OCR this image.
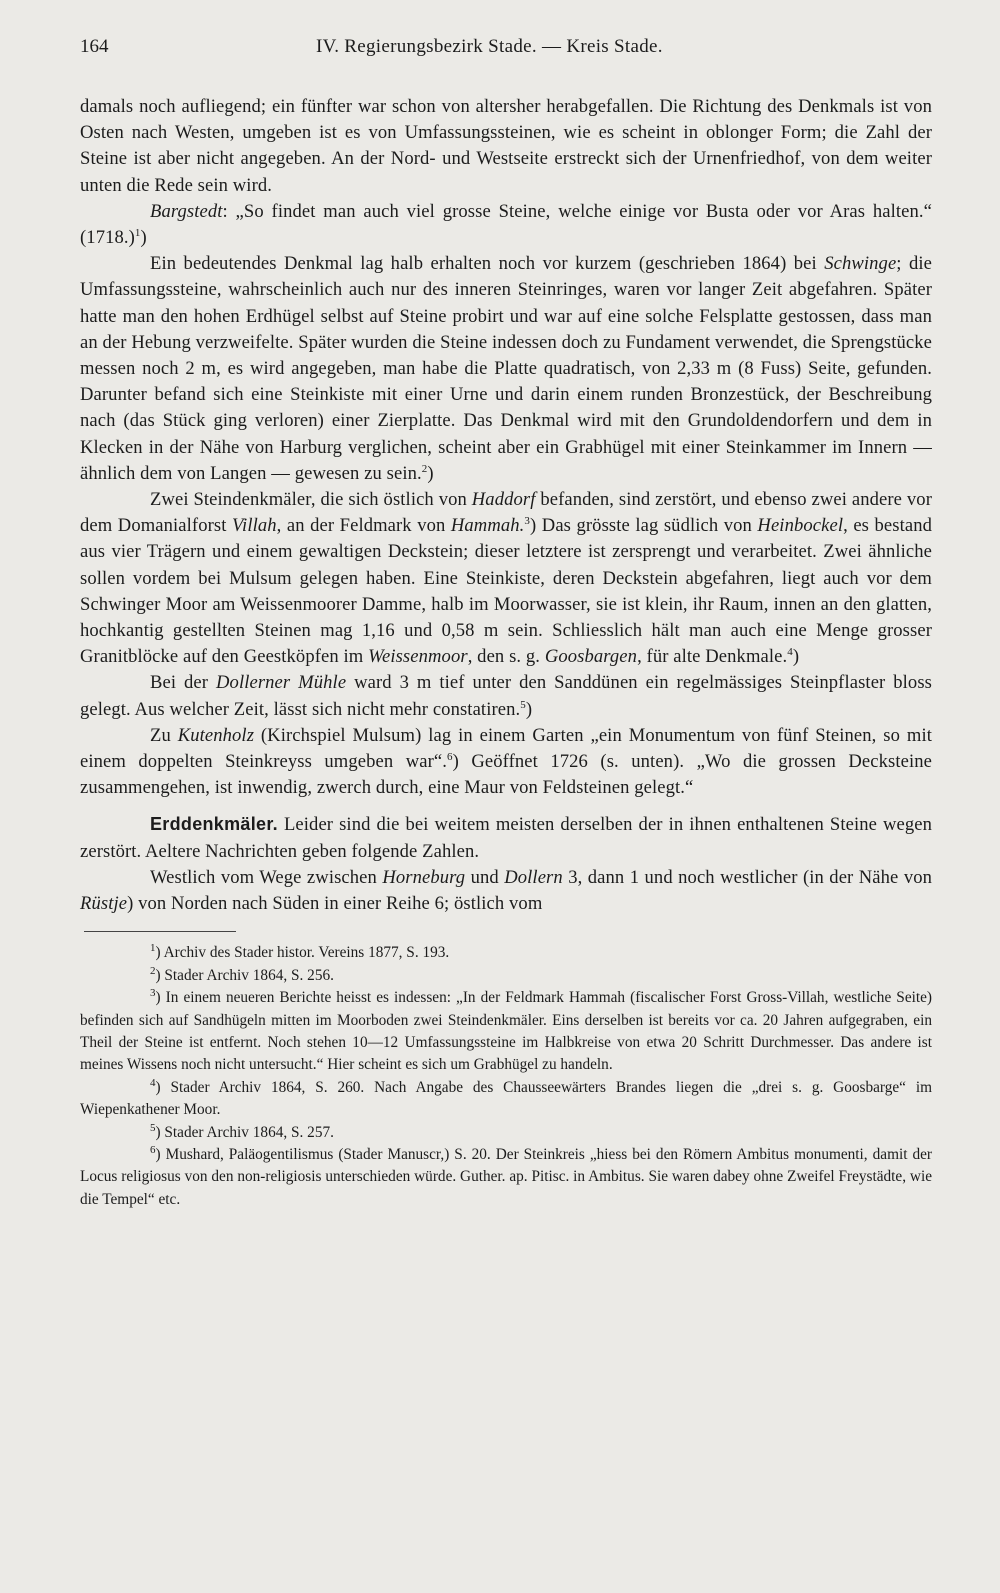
164	IV. Regierungsbezirk Stade. — Kreis Stade.

damals noch aufliegend; ein fünfter war schon von altersher herabgefallen. Die Richtung des Denkmals ist von Osten nach Westen, umgeben ist es von Umfassungssteinen, wie es scheint in oblonger Form; die Zahl der Steine ist aber nicht angegeben. An der Nord- und Westseite erstreckt sich der Urnenfriedhof, von dem weiter unten die Rede sein wird.

Bargstedt: „So findet man auch viel grosse Steine, welche einige vor Busta oder vor Aras halten.“ $(1718.)^1$)

Ein bedeutendes Denkmal lag halb erhalten noch vor kurzem (geschrieben 1864) bei Schwinge; die Umfassungssteine, wahrscheinlich auch nur des inneren Steinringes, waren vor langer Zeit abgefahren. Später hatte man den hohen Erdhügel selbst auf Steine probirt und war auf eine solche Felsplatte gestossen, dass man an der Hebung verzweifelte. Später wurden die Steine indessen doch zu Fundament verwendet, die Sprengstücke messen noch 2 m, es wird angegeben, man habe die Platte quadratisch, von 2,33 m (8 Fuss) Seite, gefunden. Darunter befand sich eine Steinkiste mit einer Urne und darin einem runden Bronzestück, der Beschreibung nach (das Stück ging verloren) einer Zierplatte. Das Denkmal wird mit den Grundoldendorfern und dem in Klecken in der Nähe von Harburg verglichen, scheint aber ein Grabhügel mit einer Steinkammer im Innern — ähnlich dem von Langen — gewesen zu sein.$^2$)

Zwei Steindenkmäler, die sich östlich von Haddorf befanden, sind zerstört, und ebenso zwei andere vor dem Domanialforst Villah, an der Feldmark von Hammah.$^3$) Das grösste lag südlich von Heinbockel, es bestand aus vier Trägern und einem gewaltigen Deckstein; dieser letztere ist zersprengt und verarbeitet. Zwei ähnliche sollen vordem bei Mulsum gelegen haben. Eine Steinkiste, deren Deckstein abgefahren, liegt auch vor dem Schwinger Moor am Weissenmoorer Damme, halb im Moorwasser, sie ist klein, ihr Raum, innen an den glatten, hochkantig gestellten Steinen mag 1,16 und 0,58 m sein. Schliesslich hält man auch eine Menge grosser Granitblöcke auf den Geestköpfen im Weissenmoor, den s. g. Goosbargen, für alte Denkmale.$^4$)

Bei der Dollerner Mühle ward 3 m tief unter den Sanddünen ein regelmässiges Steinpflaster bloss gelegt. Aus welcher Zeit, lässt sich nicht mehr constatiren.$^5$)

Zu Kutenholz (Kirchspiel Mulsum) lag in einem Garten „ein Monumentum von fünf Steinen, so mit einem doppelten Steinkreyss umgeben war“.$^6$) Geöffnet 1726 (s. unten). „Wo die grossen Decksteine zusammengehen, ist inwendig, zwerch durch, eine Maur von Feldsteinen gelegt.“

Erddenkmäler. Leider sind die bei weitem meisten derselben der in ihnen enthaltenen Steine wegen zerstört. Aeltere Nachrichten geben folgende Zahlen.

Westlich vom Wege zwischen Horneburg und Dollern 3, dann 1 und noch westlicher (in der Nähe von Rüstje) von Norden nach Süden in einer Reihe 6; östlich vom

$^1$) Archiv des Stader histor. Vereins 1877, S. 193.

$^2$) Stader Archiv 1864, S. 256.

$^3$) In einem neueren Berichte heisst es indessen: „In der Feldmark Hammah (fiscalischer Forst Gross-Villah, westliche Seite) befinden sich auf Sandhügeln mitten im Moorboden zwei Steindenkmäler. Eins derselben ist bereits vor ca. 20 Jahren aufgegraben, ein Theil der Steine ist entfernt. Noch stehen 10—12 Umfassungssteine im Halbkreise von etwa 20 Schritt Durchmesser. Das andere ist meines Wissens noch nicht untersucht.“ Hier scheint es sich um Grabhügel zu handeln.

$^4$) Stader Archiv 1864, S. 260. Nach Angabe des Chausseewärters Brandes liegen die „drei s. g. Goosbarge“ im Wiepenkathener Moor.

$^5$) Stader Archiv 1864, S. 257.

$^6$) Mushard, Paläogentilismus (Stader Manuscr,) S. 20. Der Steinkreis „hiess bei den Römern Ambitus monumenti, damit der Locus religiosus von den non-religiosis unterschieden würde. Guther. ap. Pitisc. in Ambitus. Sie waren dabey ohne Zweifel Freystädte, wie die Tempel“ etc.
